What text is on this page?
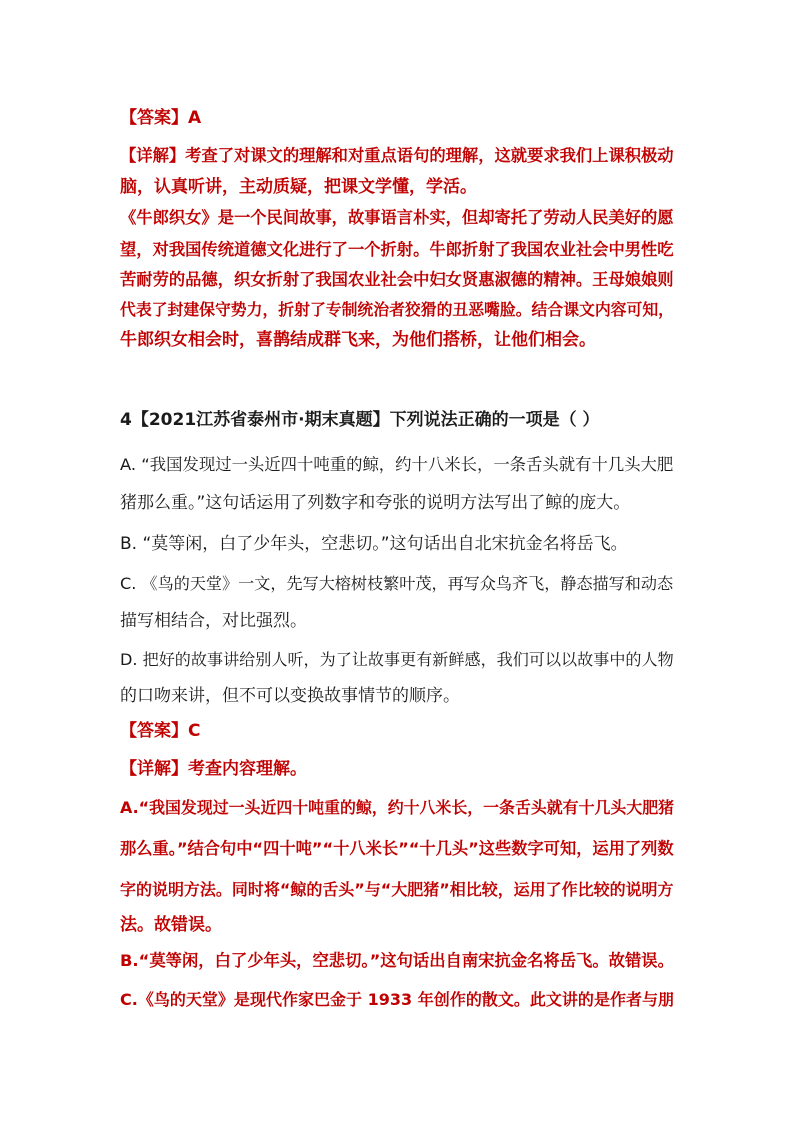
【答案】A
【详解】考查了对课文的理解和对重点语句的理解，这就要求我们上课积极动
脑，认真听讲，主动质疑，把课文学懂，学活。
《牛郎织女》是一个民间故事，故事语言朴实，但却寄托了劳动人民美好的愿
望，对我国传统道德文化进行了一个折射。牛郎折射了我国农业社会中男性吃
苦耐劳的品德，织女折射了我国农业社会中妇女贤惠淑德的精神。王母娘娘则
代表了封建保守势力，折射了专制统治者狡猾的丑恶嘴脸。结合课文内容可知，
牛郎织女相会时，喜鹊结成群飞来，为他们搭桥，让他们相会。
4【2021江苏省泰州市·期末真题】下列说法正确的一项是（ ）
A. “我国发现过一头近四十吨重的鲸，约十八米长，一条舌头就有十几头大肥
猪那么重。”这句话运用了列数字和夸张的说明方法写出了鲸的庞大。
B. “莫等闲，白了少年头，空悲切。”这句话出自北宋抗金名将岳飞。
C. 《鸟的天堂》一文，先写大榕树枝繁叶茂，再写众鸟齐飞，静态描写和动态
描写相结合，对比强烈。
D. 把好的故事讲给别人听，为了让故事更有新鲜感，我们可以以故事中的人物
的口吻来讲，但不可以变换故事情节的顺序。
【答案】C
【详解】考查内容理解。
A.“我国发现过一头近四十吨重的鲸，约十八米长，一条舌头就有十几头大肥猪
那么重。”结合句中“四十吨”“十八米长”“十几头”这些数字可知，运用了列数
字的说明方法。同时将“鲸的舌头”与“大肥猪”相比较，运用了作比较的说明方
法。故错误。
B.“莫等闲，白了少年头，空悲切。”这句话出自南宋抗金名将岳飞。故错误。
C.《鸟的天堂》是现代作家巴金于 1933 年创作的散文。此文讲的是作者与朋
